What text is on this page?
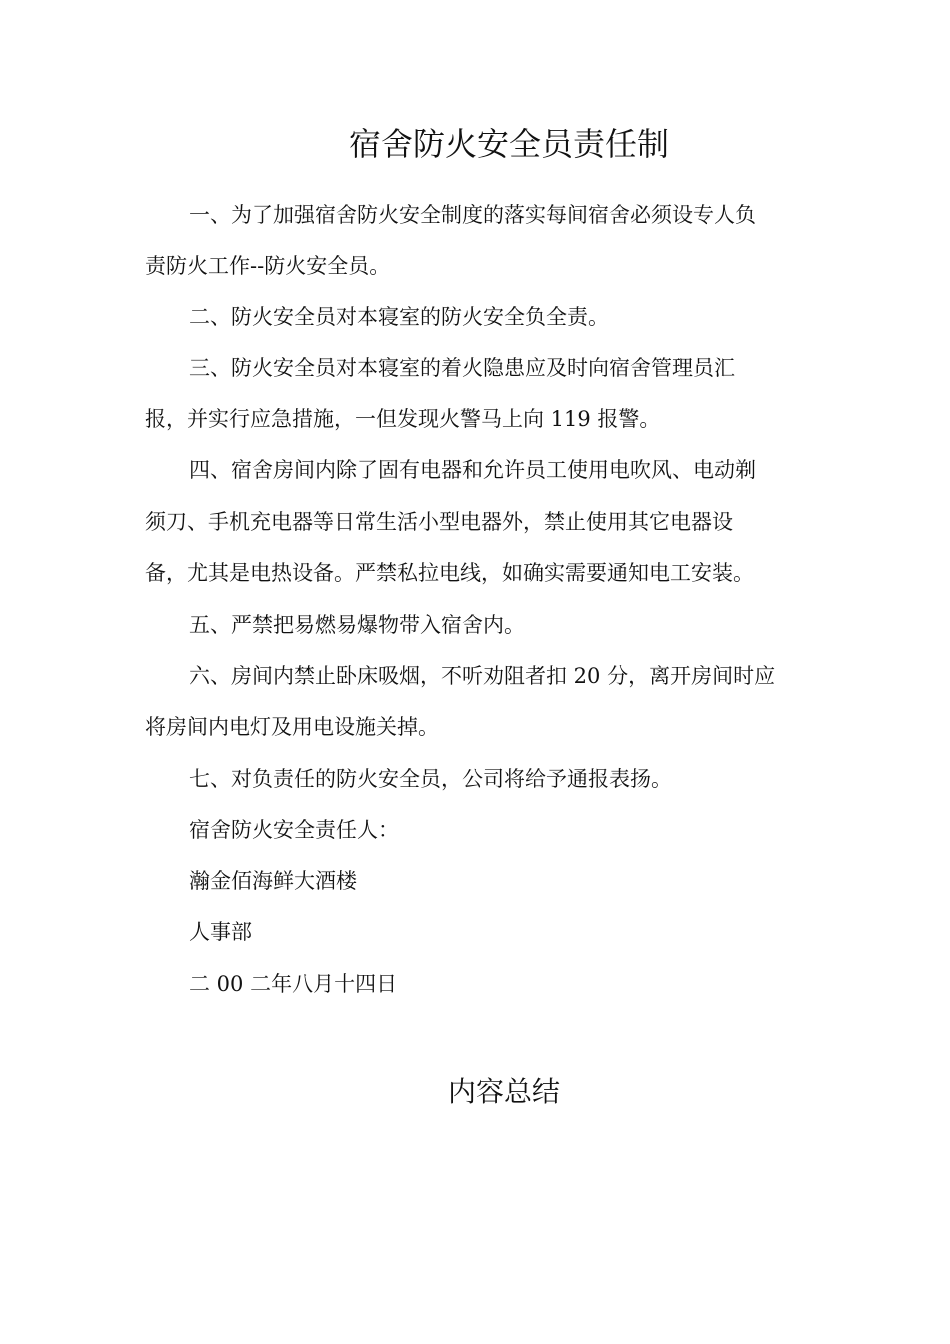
宿舍防火安全员责任制
一、为了加强宿舍防火安全制度的落实每间宿舍必须设专人负
责防火工作--防火安全员。
二、防火安全员对本寝室的防火安全负全责。
三、防火安全员对本寝室的着火隐患应及时向宿舍管理员汇
报，并实行应急措施，一但发现火警马上向 119 报警。
四、宿舍房间内除了固有电器和允许员工使用电吹风、电动剃
须刀、手机充电器等日常生活小型电器外，禁止使用其它电器设
备，尤其是电热设备。严禁私拉电线，如确实需要通知电工安装。
五、严禁把易燃易爆物带入宿舍内。
六、房间内禁止卧床吸烟，不听劝阻者扣 20 分，离开房间时应
将房间内电灯及用电设施关掉。
七、对负责任的防火安全员，公司将给予通报表扬。
宿舍防火安全责任人：
瀚金佰海鲜大酒楼
人事部
二 00 二年八月十四日
内容总结
